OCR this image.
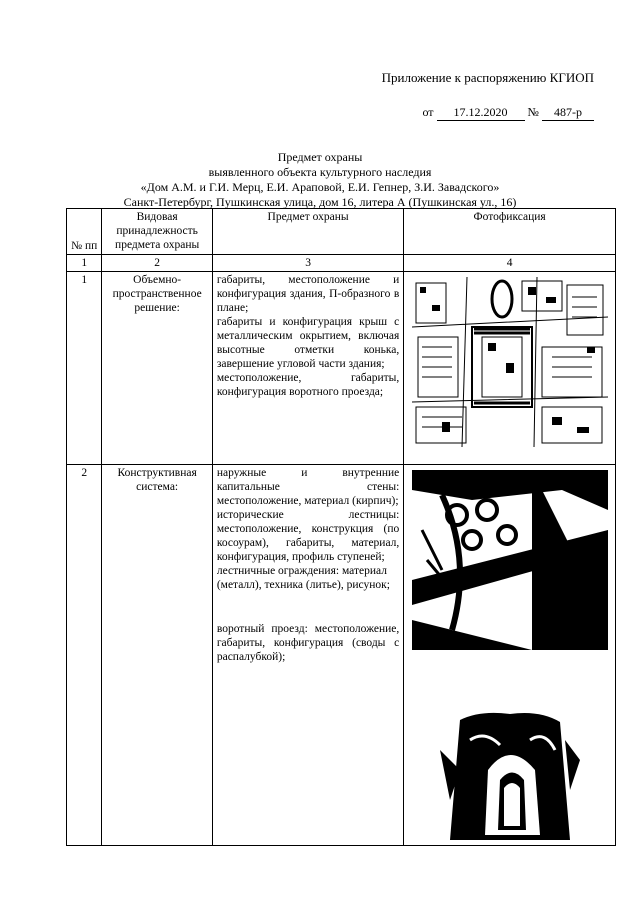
Приложение к распоряжению КГИОП
от 17.12.2020 № 487-р
Предмет охраны
выявленного объекта культурного наследия
«Дом А.М. и Г.И. Мерц, Е.И. Араповой, Е.И. Гепнер, З.И. Завадского»
Санкт-Петербург, Пушкинская улица, дом 16, литера А (Пушкинская ул., 16)
№ пп	Видовая принадлежность предмета охраны	Предмет охраны	Фотофиксация
1	2	3	4
1	Объемно-пространственное решение:	габариты, местоположение и конфигурация здания, П-образного в плане;

габариты и конфигурация крыш с металлическим окрытием, включая высотные отметки конька, завершение угловой части здания;

местоположение, габариты, конфигурация воротного проезда;

2	Конструктивная система:	наружные и внутренние капитальные стены: местоположение, материал (кирпич);

исторические лестницы: местоположение, конструкция (по косоурам), габариты, материал, конфигурация, профиль ступеней;

лестничные ограждения: материал

(металл), техника (литье), рисунок;

воротный проезд: местоположение, габариты, конфигурация (своды с распалубкой);
